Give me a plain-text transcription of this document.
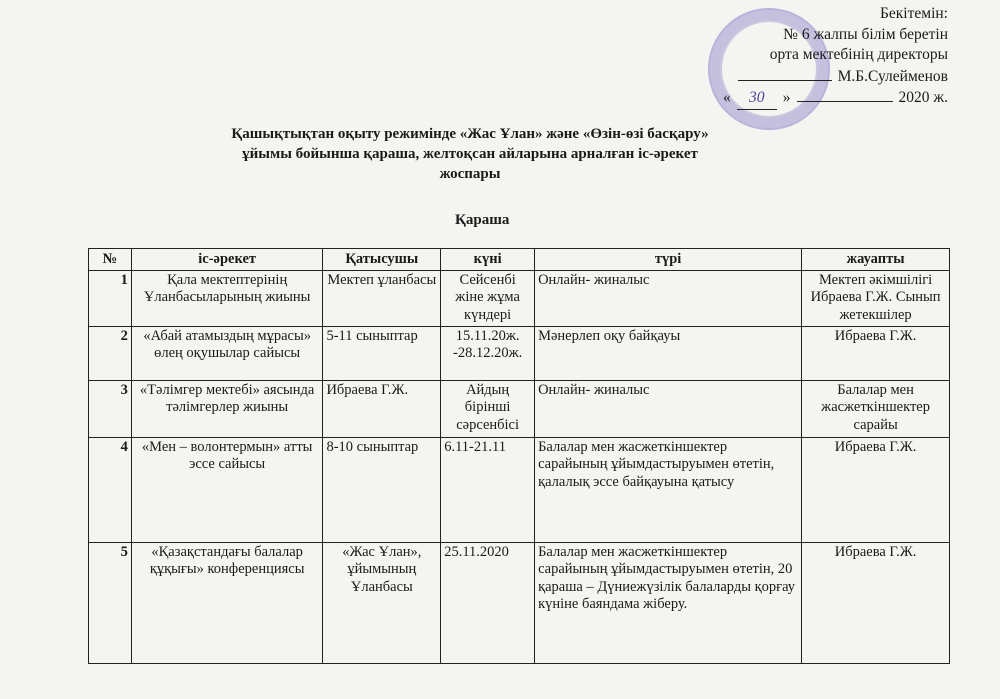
Бекітемін:
№ 6 жалпы білім беретін
орта мектебінің директоры
М.Б.Сулейменов
«	30	»	2020 ж.
Қашықтықтан оқыту режимінде «Жас Ұлан» және «Өзін-өзі басқару»
ұйымы бойынша қараша, желтоқсан айларына арналған іс-әрекет
жоспары
Қараша
№	іс-әрекет	Қатысушы	күні	түрі	жауапты
1	Қала мектептерінің Ұланбасыларының жиыны	Мектеп ұланбасы	Сейсенбі жіне жұма күндері	Онлайн- жиналыс	Мектеп әкімшілігі Ибраева Г.Ж. Сынып жетекшілер
2	«Абай атамыздың мұрасы» өлең оқушылар сайысы	5-11 сыныптар	15.11.20ж. -28.12.20ж.	Мәнерлеп оқу байқауы	Ибраева Г.Ж.
3	«Тәлімгер мектебі» аясында тәлімгерлер жиыны	Ибраева Г.Ж.	Айдың бірінші сәрсенбісі	Онлайн- жиналыс	Балалар мен жасжеткіншектер сарайы
4	«Мен – волонтермын» атты эссе сайысы	8-10 сыныптар	6.11-21.11	Балалар мен жасжеткіншектер сарайының ұйымдастыруымен өтетін, қалалық эссе байқауына қатысу	Ибраева Г.Ж.
5	«Қазақстандағы балалар құқығы» конференциясы	«Жас Ұлан», ұйымының Ұланбасы	25.11.2020	Балалар мен жасжеткіншектер сарайының ұйымдастыруымен өтетін, 20 қараша – Дүниежүзілік балаларды қорғау күніне баяндама жіберу.	Ибраева Г.Ж.
